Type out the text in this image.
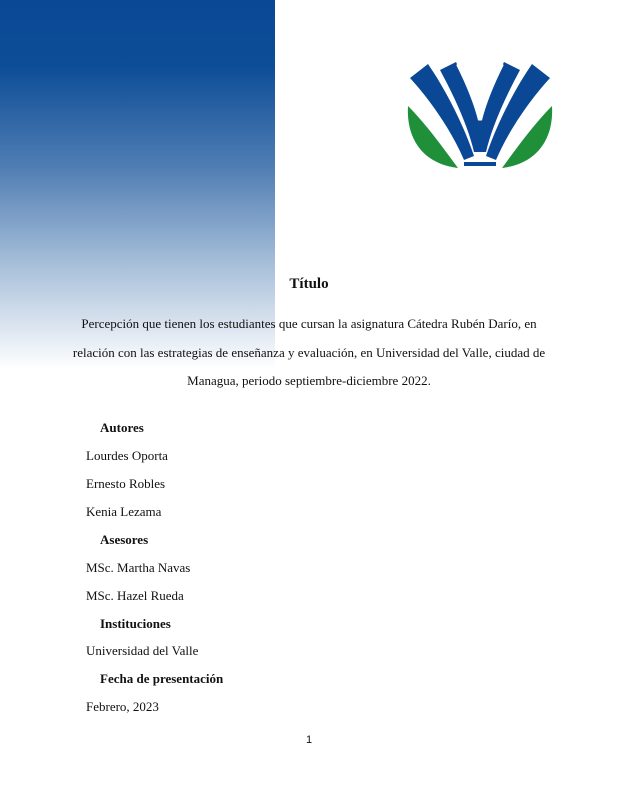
Título
Percepción que tienen los estudiantes que cursan la asignatura Cátedra Rubén Darío, en
relación con las estrategias de enseñanza y evaluación, en Universidad del Valle, ciudad de
Managua, periodo septiembre-diciembre 2022.
Autores
Lourdes Oporta
Ernesto Robles
Kenia Lezama
Asesores
MSc. Martha Navas
MSc. Hazel Rueda
Instituciones
Universidad del Valle
Fecha de presentación
Febrero, 2023
1
